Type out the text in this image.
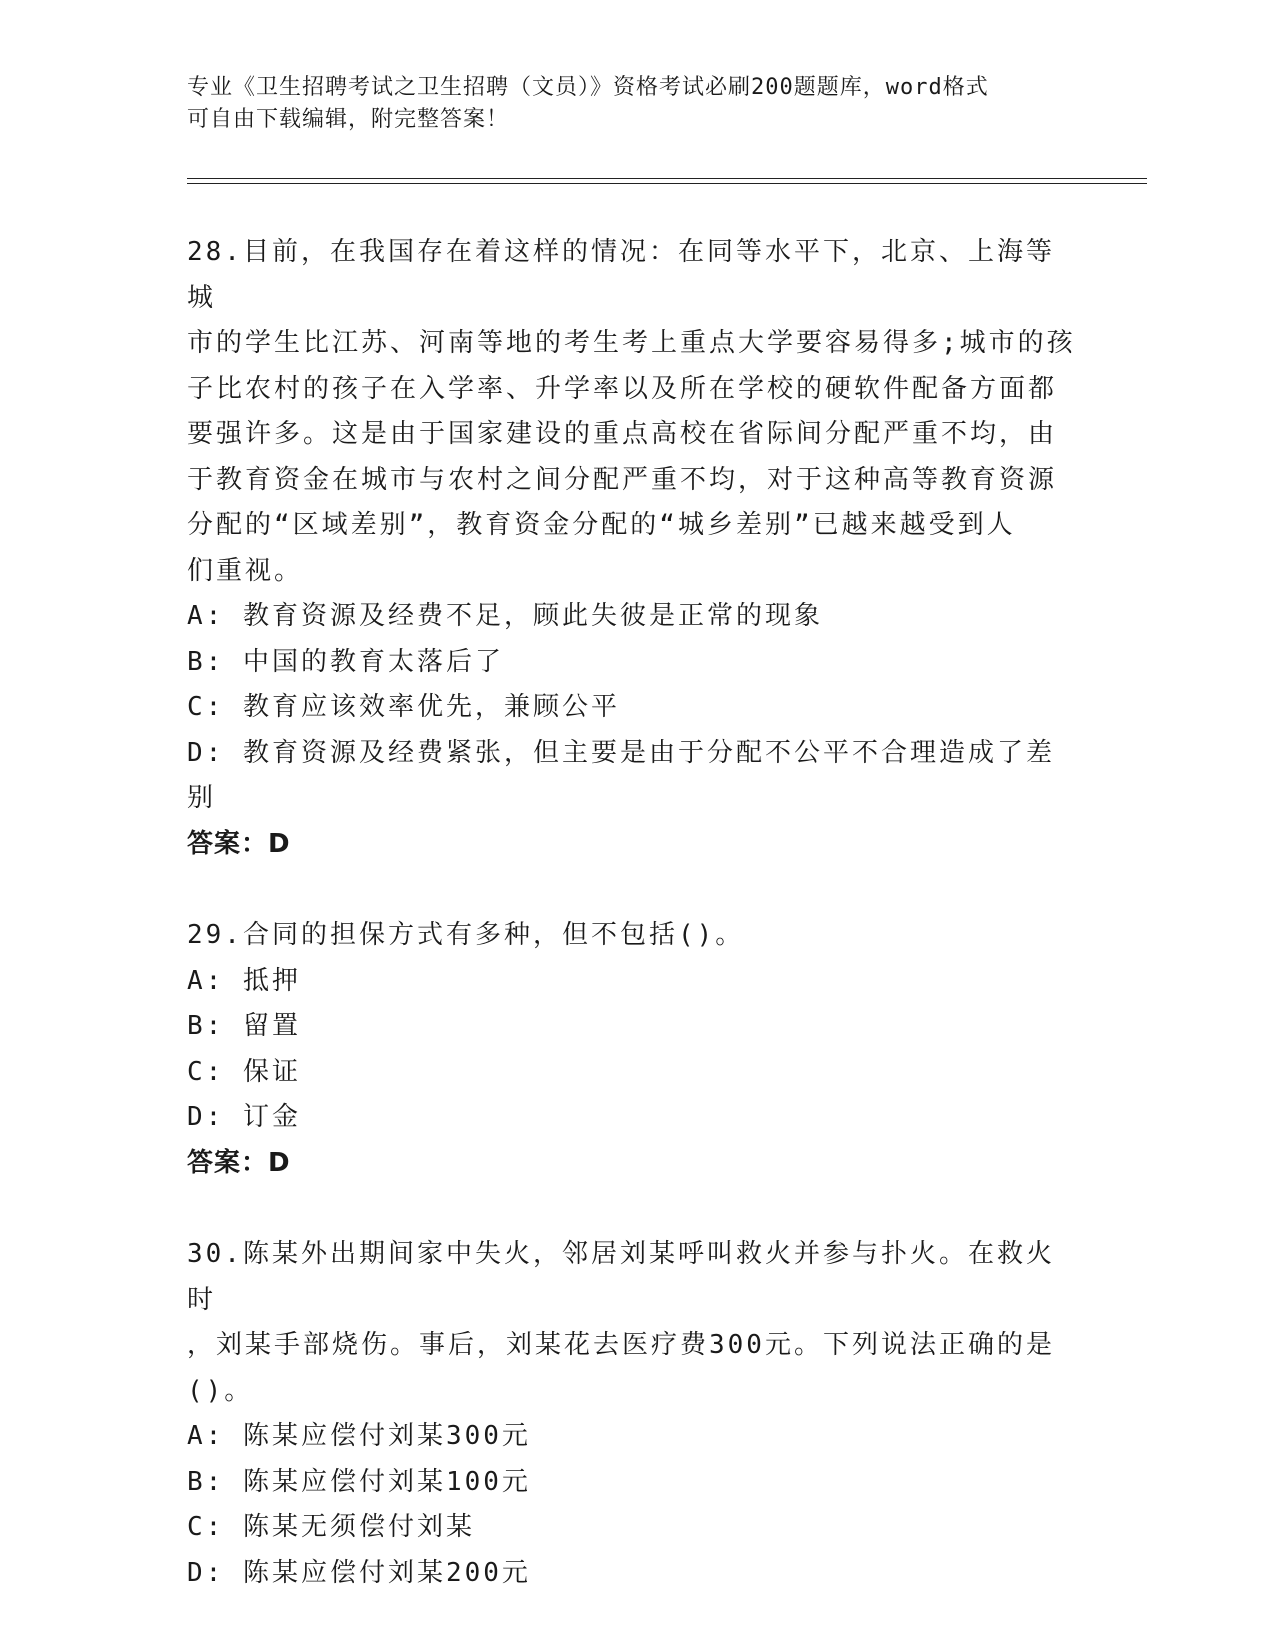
专业《卫生招聘考试之卫生招聘（文员）》资格考试必刷200题题库，word格式
可自由下载编辑，附完整答案！
28.目前，在我国存在着这样的情况：在同等水平下，北京、上海等城
市的学生比江苏、河南等地的考生考上重点大学要容易得多;城市的孩
子比农村的孩子在入学率、升学率以及所在学校的硬软件配备方面都
要强许多。这是由于国家建设的重点高校在省际间分配严重不均，由
于教育资金在城市与农村之间分配严重不均，对于这种高等教育资源
分配的“区域差别”，教育资金分配的“城乡差别”已越来越受到人
们重视。
A: 教育资源及经费不足，顾此失彼是正常的现象
B: 中国的教育太落后了
C: 教育应该效率优先，兼顾公平
D: 教育资源及经费紧张，但主要是由于分配不公平不合理造成了差别
答案：D
29.合同的担保方式有多种，但不包括()。
A: 抵押
B: 留置
C: 保证
D: 订金
答案：D
30.陈某外出期间家中失火，邻居刘某呼叫救火并参与扑火。在救火时
，刘某手部烧伤。事后，刘某花去医疗费300元。下列说法正确的是
()。
A: 陈某应偿付刘某300元
B: 陈某应偿付刘某100元
C: 陈某无须偿付刘某
D: 陈某应偿付刘某200元
